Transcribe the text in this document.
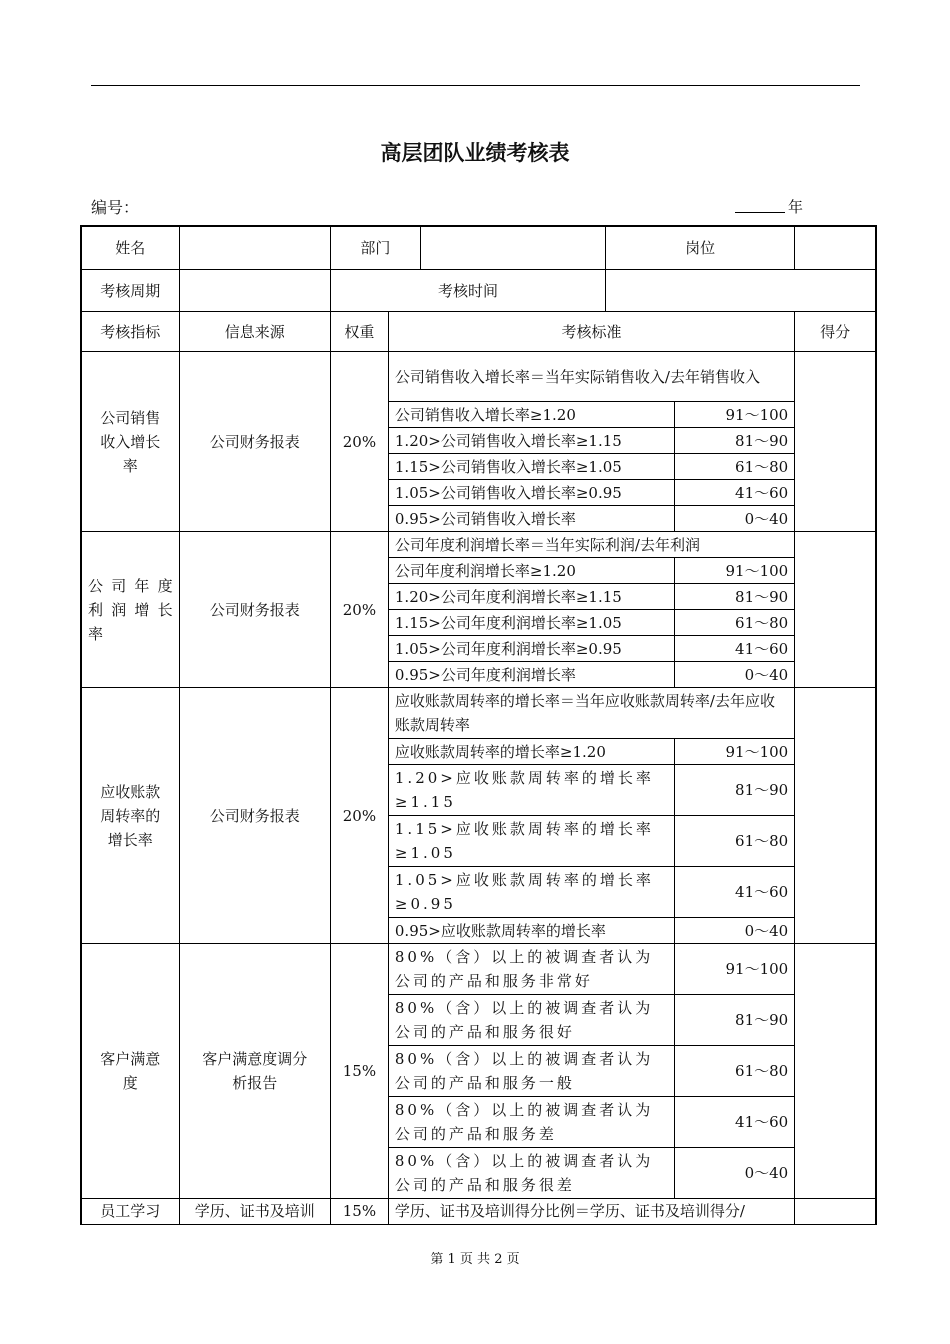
高层团队业绩考核表
编号：	年
姓名		部门			岗位		
考核周期		考核时间					
考核指标	信息来源	权重	考核标准				得分
公司销售
收入增长
率	公司财务报表	20%	公司销售收入增长率＝当年实际销售收入/去年销售收入				
			公司销售收入增长率≥1.20			91～100	
			1.20>公司销售收入增长率≥1.15			81～90	
			1.15>公司销售收入增长率≥1.05			61～80	
			1.05>公司销售收入增长率≥0.95			41～60	
			0.95>公司销售收入增长率			0～40	

公司年度
利润增长
率	公司财务报表	20%	公司年度利润增长率＝当年实际利润/去年利润				
			公司年度利润增长率≥1.20			91～100	
			1.20>公司年度利润增长率≥1.15			81～90	
			1.15>公司年度利润增长率≥1.05			61～80	
			1.05>公司年度利润增长率≥0.95			41～60	
			0.95>公司年度利润增长率			0～40	
应收账款
周转率的
增长率	公司财务报表	20%	应收账款周转率的增长率＝当年应收账款周转率/去年应收账款周转率				
			应收账款周转率的增长率≥1.20			91～100	
			1.20>应收账款周转率的增长率≥1.15			81～90	
			1.15>应收账款周转率的增长率≥1.05			61～80	
			1.05>应收账款周转率的增长率≥0.95			41～60	
			0.95>应收账款周转率的增长率			0～40	
客户满意
度	客户满意度调分
析报告	15%	80%（含）以上的被调查者认为公司的产品和服务非常好			91～100	
			80%（含）以上的被调查者认为公司的产品和服务很好			81～90	
			80%（含）以上的被调查者认为公司的产品和服务一般			61～80	
			80%（含）以上的被调查者认为公司的产品和服务差			41～60	
			80%（含）以上的被调查者认为公司的产品和服务很差			0～40	
员工学习	学历、证书及培训	15%	学历、证书及培训得分比例＝学历、证书及培训得分/				
第 1 页 共 2 页
